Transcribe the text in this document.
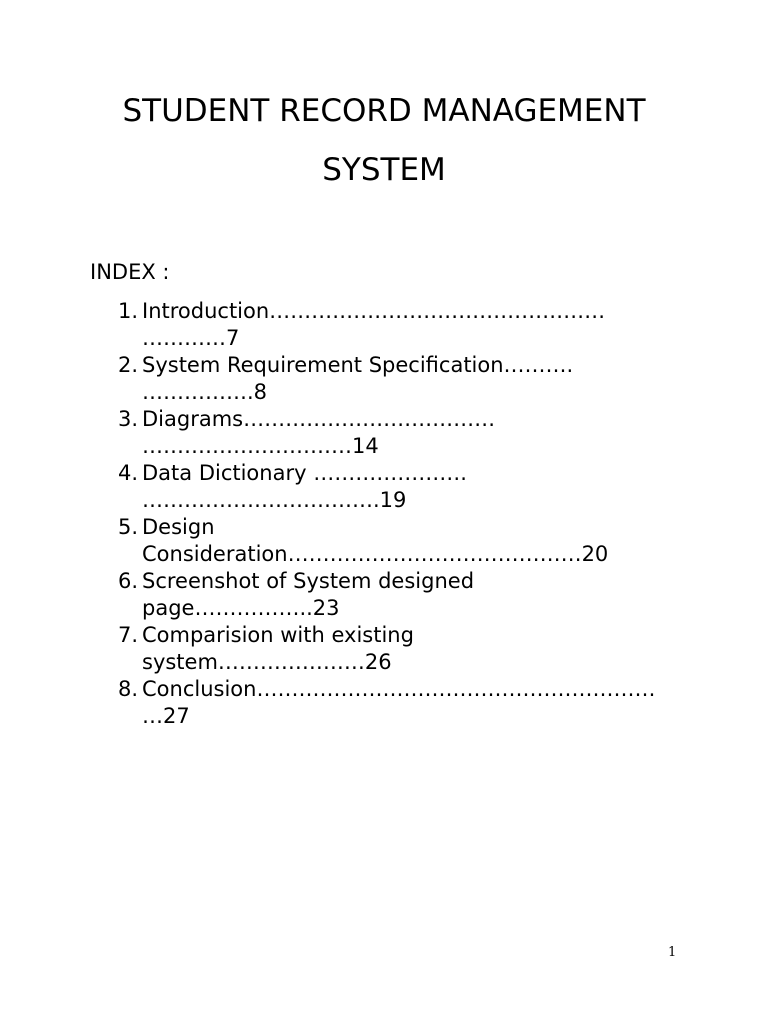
STUDENT RECORD MANAGEMENT
SYSTEM
INDEX :
1. Introduction…………………………………………
…………7
2. System Requirement Specification……….
…………….8
3. Diagrams………………………………
…………………………14
4. Data Dictionary ………………….
…………………………….19
5. Design
Consideration……………………………………20
6. Screenshot of System designed
page……………..23
7. Comparision with existing
system…………………26
8. Conclusion…………………………………………………
…27
1
